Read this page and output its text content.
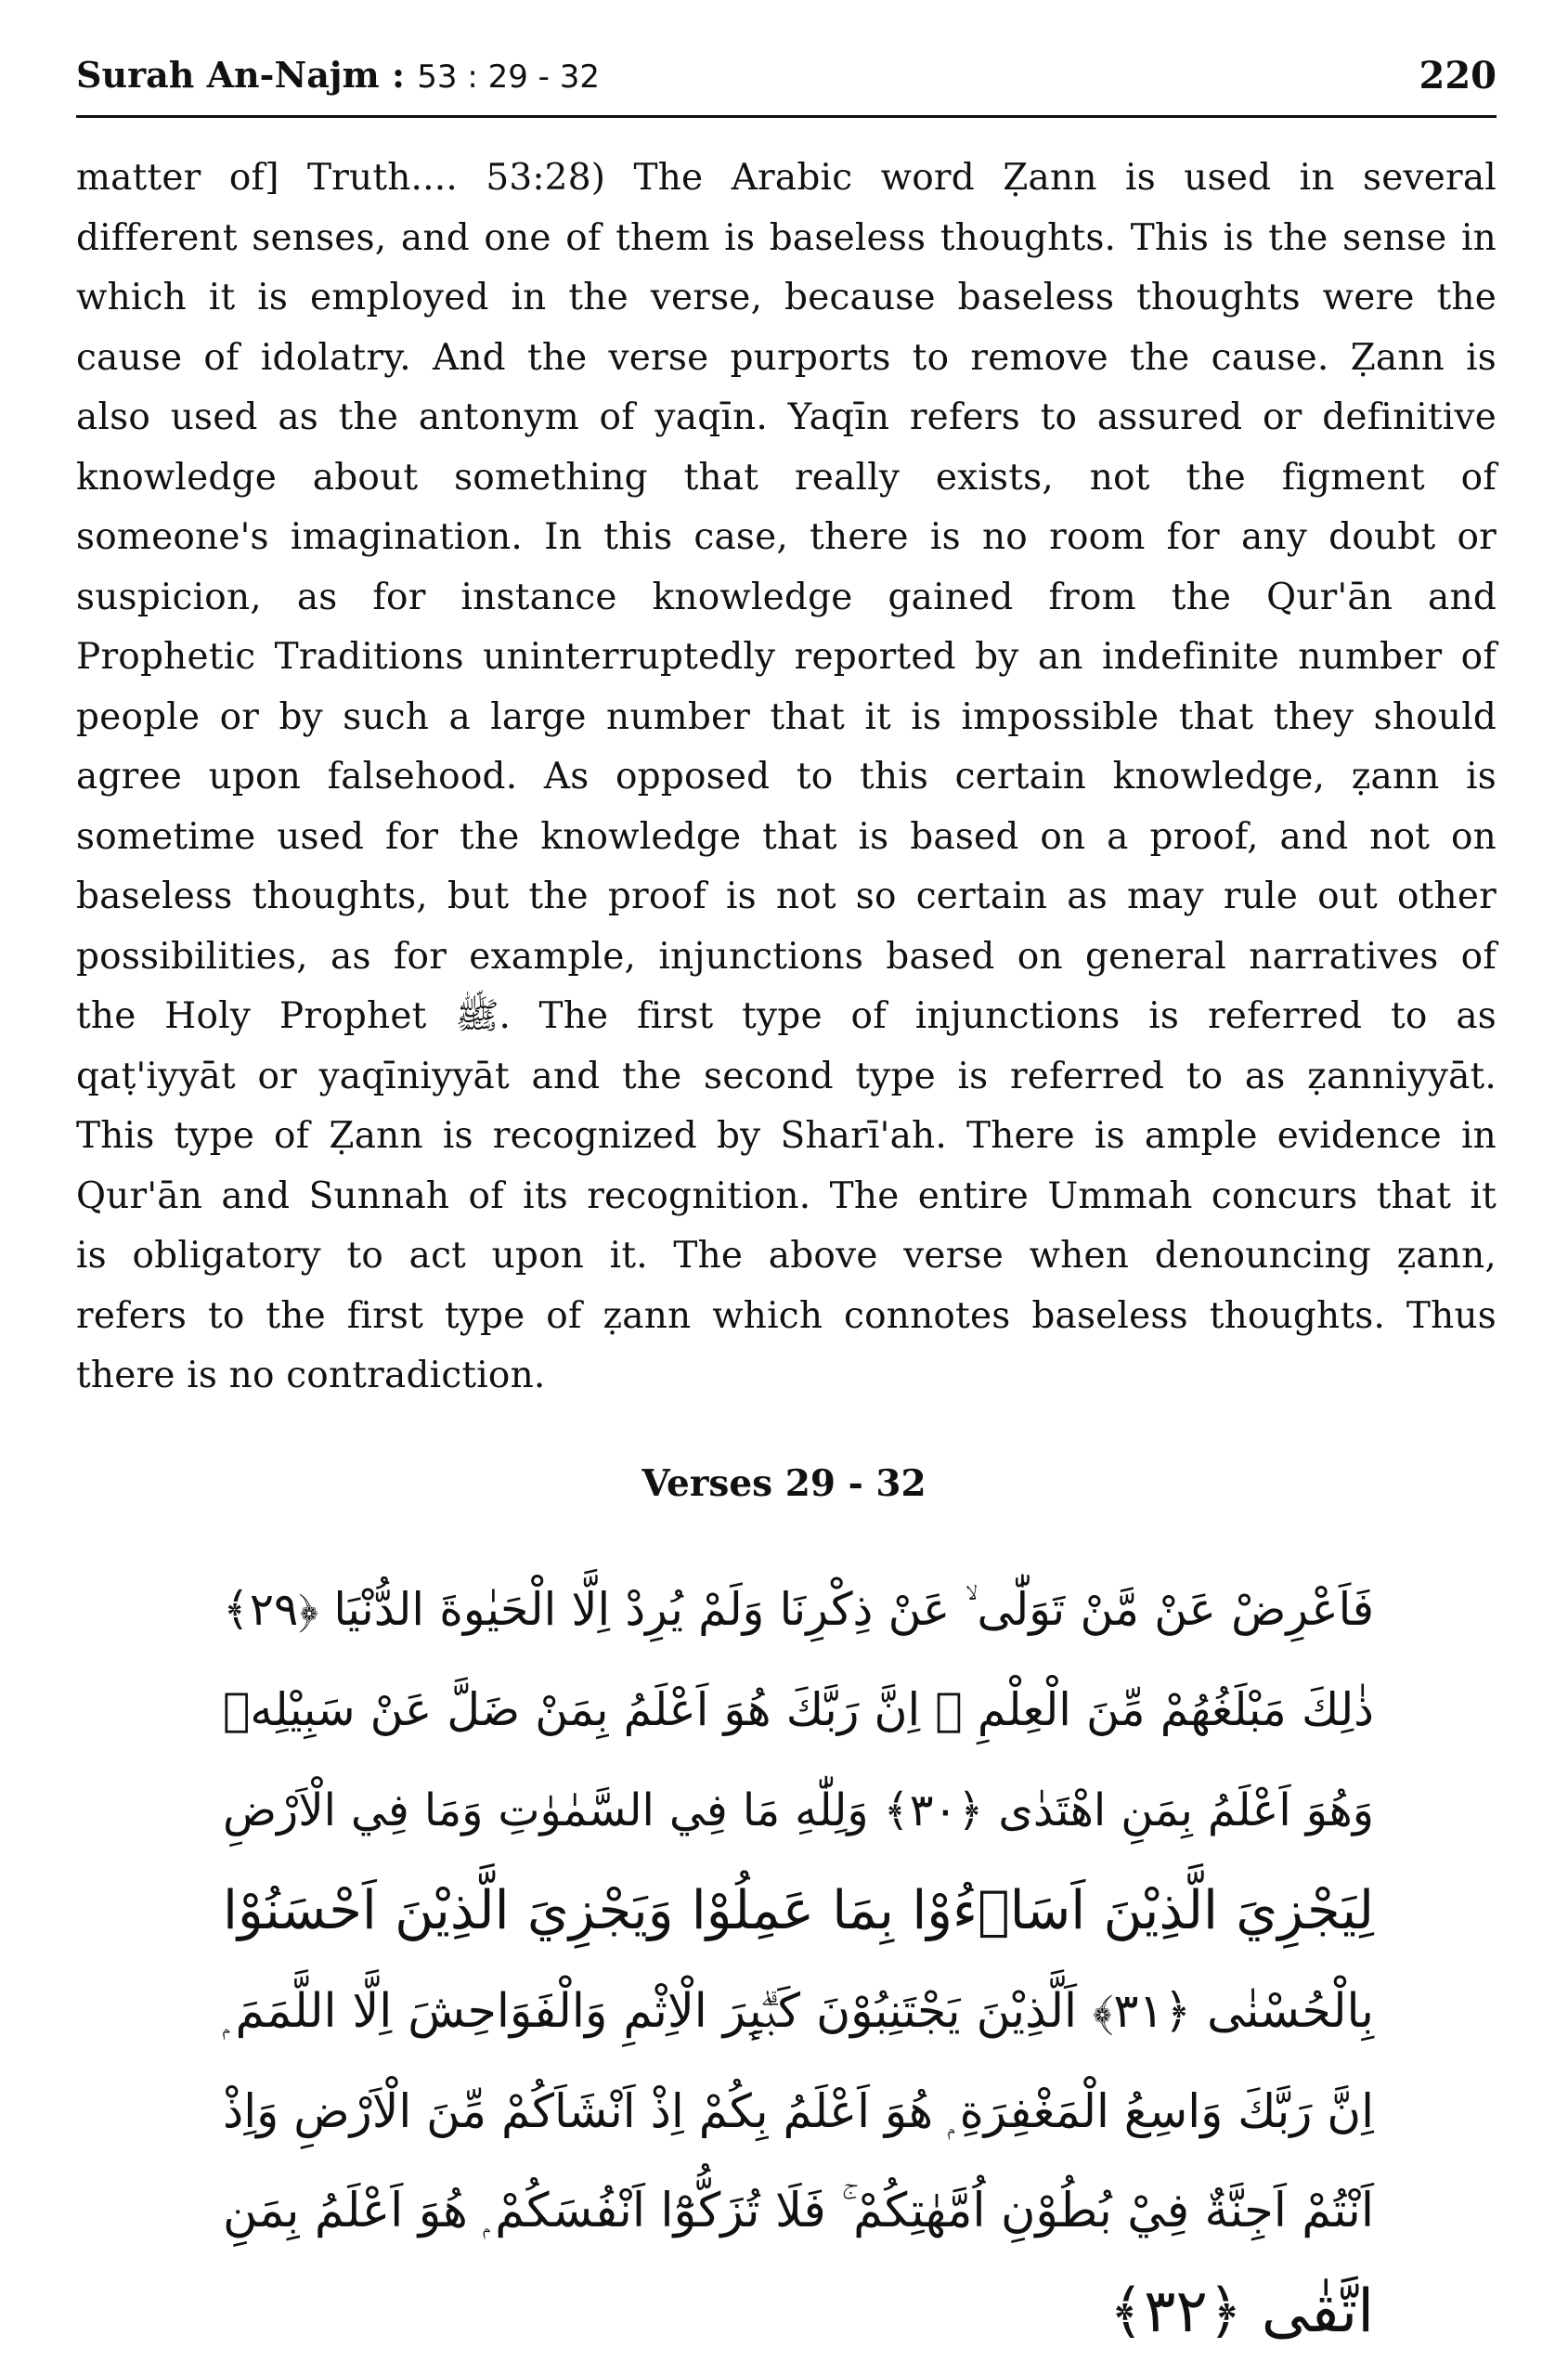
Surah An-Najm : 53 : 29 - 32	220
matter of] Truth.... 53:28) The Arabic word Ẓann is used in several
different senses, and one of them is baseless thoughts. This is the sense in
which it is employed in the verse, because baseless thoughts were the
cause of idolatry. And the verse purports to remove the cause. Ẓann is
also used as the antonym of yaqīn. Yaqīn refers to assured or definitive
knowledge about something that really exists, not the figment of
someone's imagination. In this case, there is no room for any doubt or
suspicion, as for instance knowledge gained from the Qur'ān and
Prophetic Traditions uninterruptedly reported by an indefinite number of
people or by such a large number that it is impossible that they should
agree upon falsehood. As opposed to this certain knowledge, ẓann is
sometime used for the knowledge that is based on a proof, and not on
baseless thoughts, but the proof is not so certain as may rule out other
possibilities, as for example, injunctions based on general narratives of
the Holy Prophet ﷺ. The first type of injunctions is referred to as
qaṭ'iyyāt or yaqīniyyāt and the second type is referred to as ẓanniyyāt.
This type of Ẓann is recognized by Sharī'ah. There is ample evidence in
Qur'ān and Sunnah of its recognition. The entire Ummah concurs that it
is obligatory to act upon it. The above verse when denouncing ẓann,
refers to the first type of ẓann which connotes baseless thoughts. Thus
there is no contradiction.
Verses 29 - 32
فَاَعْرِضْ عَنْ مَّنْ تَوَلّٰى ۙ عَنْ ذِكْرِنَا وَلَمْ يُرِدْ اِلَّا الْحَيٰوةَ الدُّنْيَا ﴿٢٩﴾
ذٰلِكَ مَبْلَغُهُمْ مِّنَ الْعِلْمِ ۭ اِنَّ رَبَّكَ هُوَ اَعْلَمُ بِمَنْ ضَلَّ عَنْ سَبِيْلِهٖ
وَهُوَ اَعْلَمُ بِمَنِ اهْتَدٰى ﴿٣٠﴾ وَلِلّٰهِ مَا فِي السَّمٰوٰتِ وَمَا فِي الْاَرْضِ
لِيَجْزِيَ الَّذِيْنَ اَسَاۗءُوْا بِمَا عَمِلُوْا وَيَجْزِيَ الَّذِيْنَ اَحْسَنُوْا
بِالْحُسْنٰى ﴿٣١﴾ اَلَّذِيْنَ يَجْتَنِبُوْنَ كَبٰۗىِٕرَ الْاِثْمِ وَالْفَوَاحِشَ اِلَّا اللَّمَمَ ۭ
اِنَّ رَبَّكَ وَاسِعُ الْمَغْفِرَةِ ۭ هُوَ اَعْلَمُ بِكُمْ اِذْ اَنْشَاَكُمْ مِّنَ الْاَرْضِ وَاِذْ
اَنْتُمْ اَجِنَّةٌ فِيْ بُطُوْنِ اُمَّهٰتِكُمْ ۚ فَلَا تُزَكُّوْٓا اَنْفُسَكُمْ ۭ هُوَ اَعْلَمُ بِمَنِ
اتَّقٰى ﴿٣٢﴾
